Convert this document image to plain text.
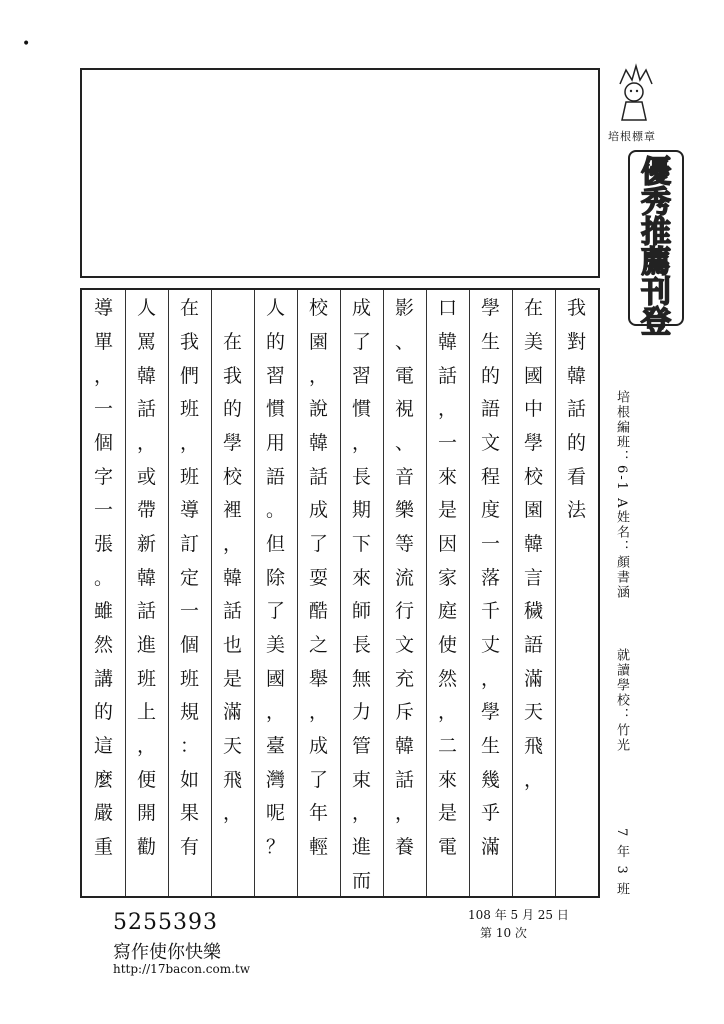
•
培根標章
優
秀
推
薦
刊
登
培根編班：6-1 A
姓名：顏書涵
就讀學校：竹光
7 年 3 班
我
對
韓
話
的
看
法
在
美
國
中
學
校
園
韓
言
穢
語
滿
天
飛
，
學
生
的
語
文
程
度
一
落
千
丈
，
學
生
幾
乎
滿
口
韓
話
，
一
來
是
因
家
庭
使
然
，
二
來
是
電
影
、
電
視
、
音
樂
等
流
行
文
充
斥
韓
話
，
養
成
了
習
慣
，
長
期
下
來
師
長
無
力
管
束
，
進
而
校
園
，
說
韓
話
成
了
耍
酷
之
舉
，
成
了
年
輕
人
的
習
慣
用
語
。
但
除
了
美
國
，
臺
灣
呢
？
在
我
的
學
校
裡
，
韓
話
也
是
滿
天
飛
，
在
我
們
班
，
班
導
訂
定
一
個
班
規
：
如
果
有
人
罵
韓
話
，
或
帶
新
韓
話
進
班
上
，
便
開
勸
導
單
，
一
個
字
一
張
。
雖
然
講
的
這
麼
嚴
重
5255393
寫作使你快樂
http://17bacon.com.tw
108 年 5 月 25 日
第 10 次
